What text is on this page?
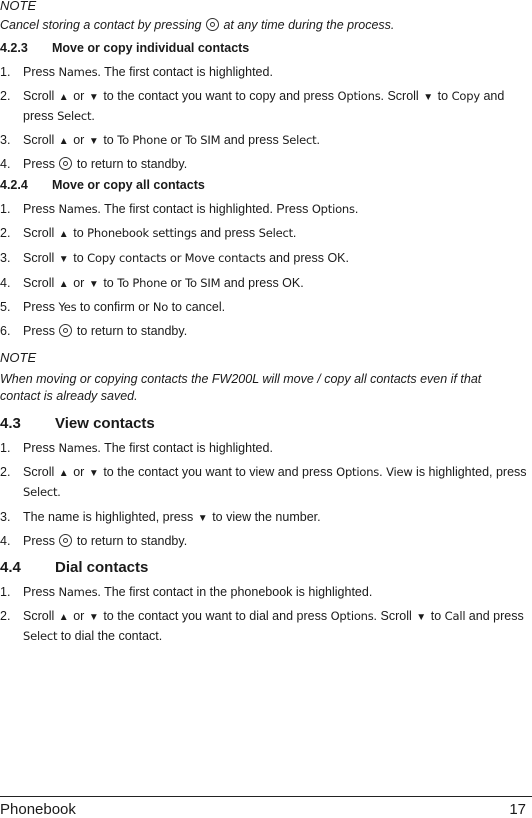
NOTE
Cancel storing a contact by pressing at any time during the process.
4.2.3 Move or copy individual contacts
1. Press Names. The first contact is highlighted.
2. Scroll ▲ or ▼ to the contact you want to copy and press Options. Scroll ▼ to Copy and press Select.
3. Scroll ▲ or ▼ to To Phone or To SIM and press Select.
4. Press to return to standby.
4.2.4 Move or copy all contacts
1. Press Names. The first contact is highlighted. Press Options.
2. Scroll ▲ to Phonebook settings and press Select.
3. Scroll ▼ to Copy contacts or Move contacts and press OK.
4. Scroll ▲ or ▼ to To Phone or To SIM and press OK.
5. Press Yes to confirm or No to cancel.
6. Press to return to standby.
NOTE
When moving or copying contacts the FW200L will move / copy all contacts even if that contact is already saved.
4.3 View contacts
1. Press Names. The first contact is highlighted.
2. Scroll ▲ or ▼ to the contact you want to view and press Options. View is highlighted, press Select.
3. The name is highlighted, press ▼ to view the number.
4. Press to return to standby.
4.4 Dial contacts
1. Press Names. The first contact in the phonebook is highlighted.
2. Scroll ▲ or ▼ to the contact you want to dial and press Options. Scroll ▼ to Call and press Select to dial the contact.
Phonebook	17
